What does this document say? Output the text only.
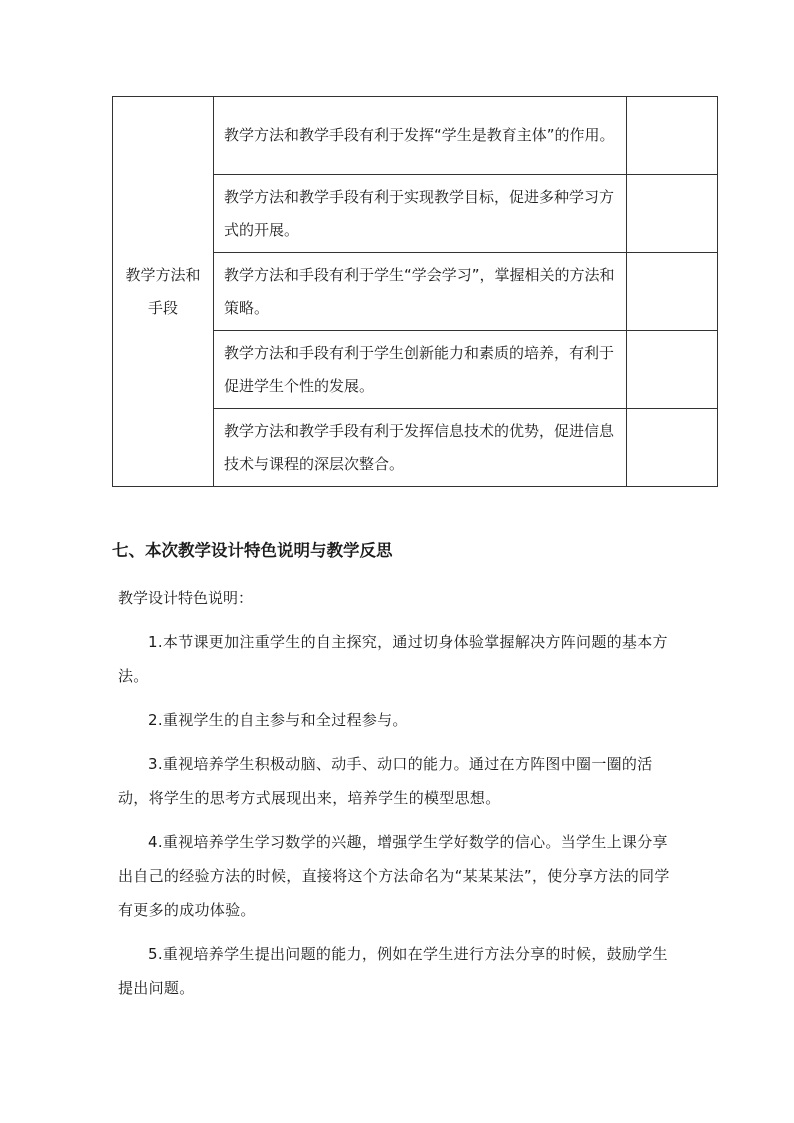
教学方法和
手段	教学方法和教学手段有利于发挥“学生是教育主体”的作用。	
	教学方法和教学手段有利于实现教学目标，促进多种学习方式的开展。	
	教学方法和手段有利于学生“学会学习”，掌握相关的方法和策略。	
	教学方法和手段有利于学生创新能力和素质的培养，有利于促进学生个性的发展。	
	教学方法和教学手段有利于发挥信息技术的优势，促进信息技术与课程的深层次整合。	
七、本次教学设计特色说明与教学反思

教学设计特色说明：

1.本节课更加注重学生的自主探究，通过切身体验掌握解决方阵问题的基本方法。
2.重视学生的自主参与和全过程参与。
3.重视培养学生积极动脑、动手、动口的能力。通过在方阵图中圈一圈的活动，将学生的思考方式展现出来，培养学生的模型思想。
4.重视培养学生学习数学的兴趣，增强学生学好数学的信心。当学生上课分享出自己的经验方法的时候，直接将这个方法命名为“某某某法”，使分享方法的同学有更多的成功体验。
5.重视培养学生提出问题的能力，例如在学生进行方法分享的时候，鼓励学生提出问题。
